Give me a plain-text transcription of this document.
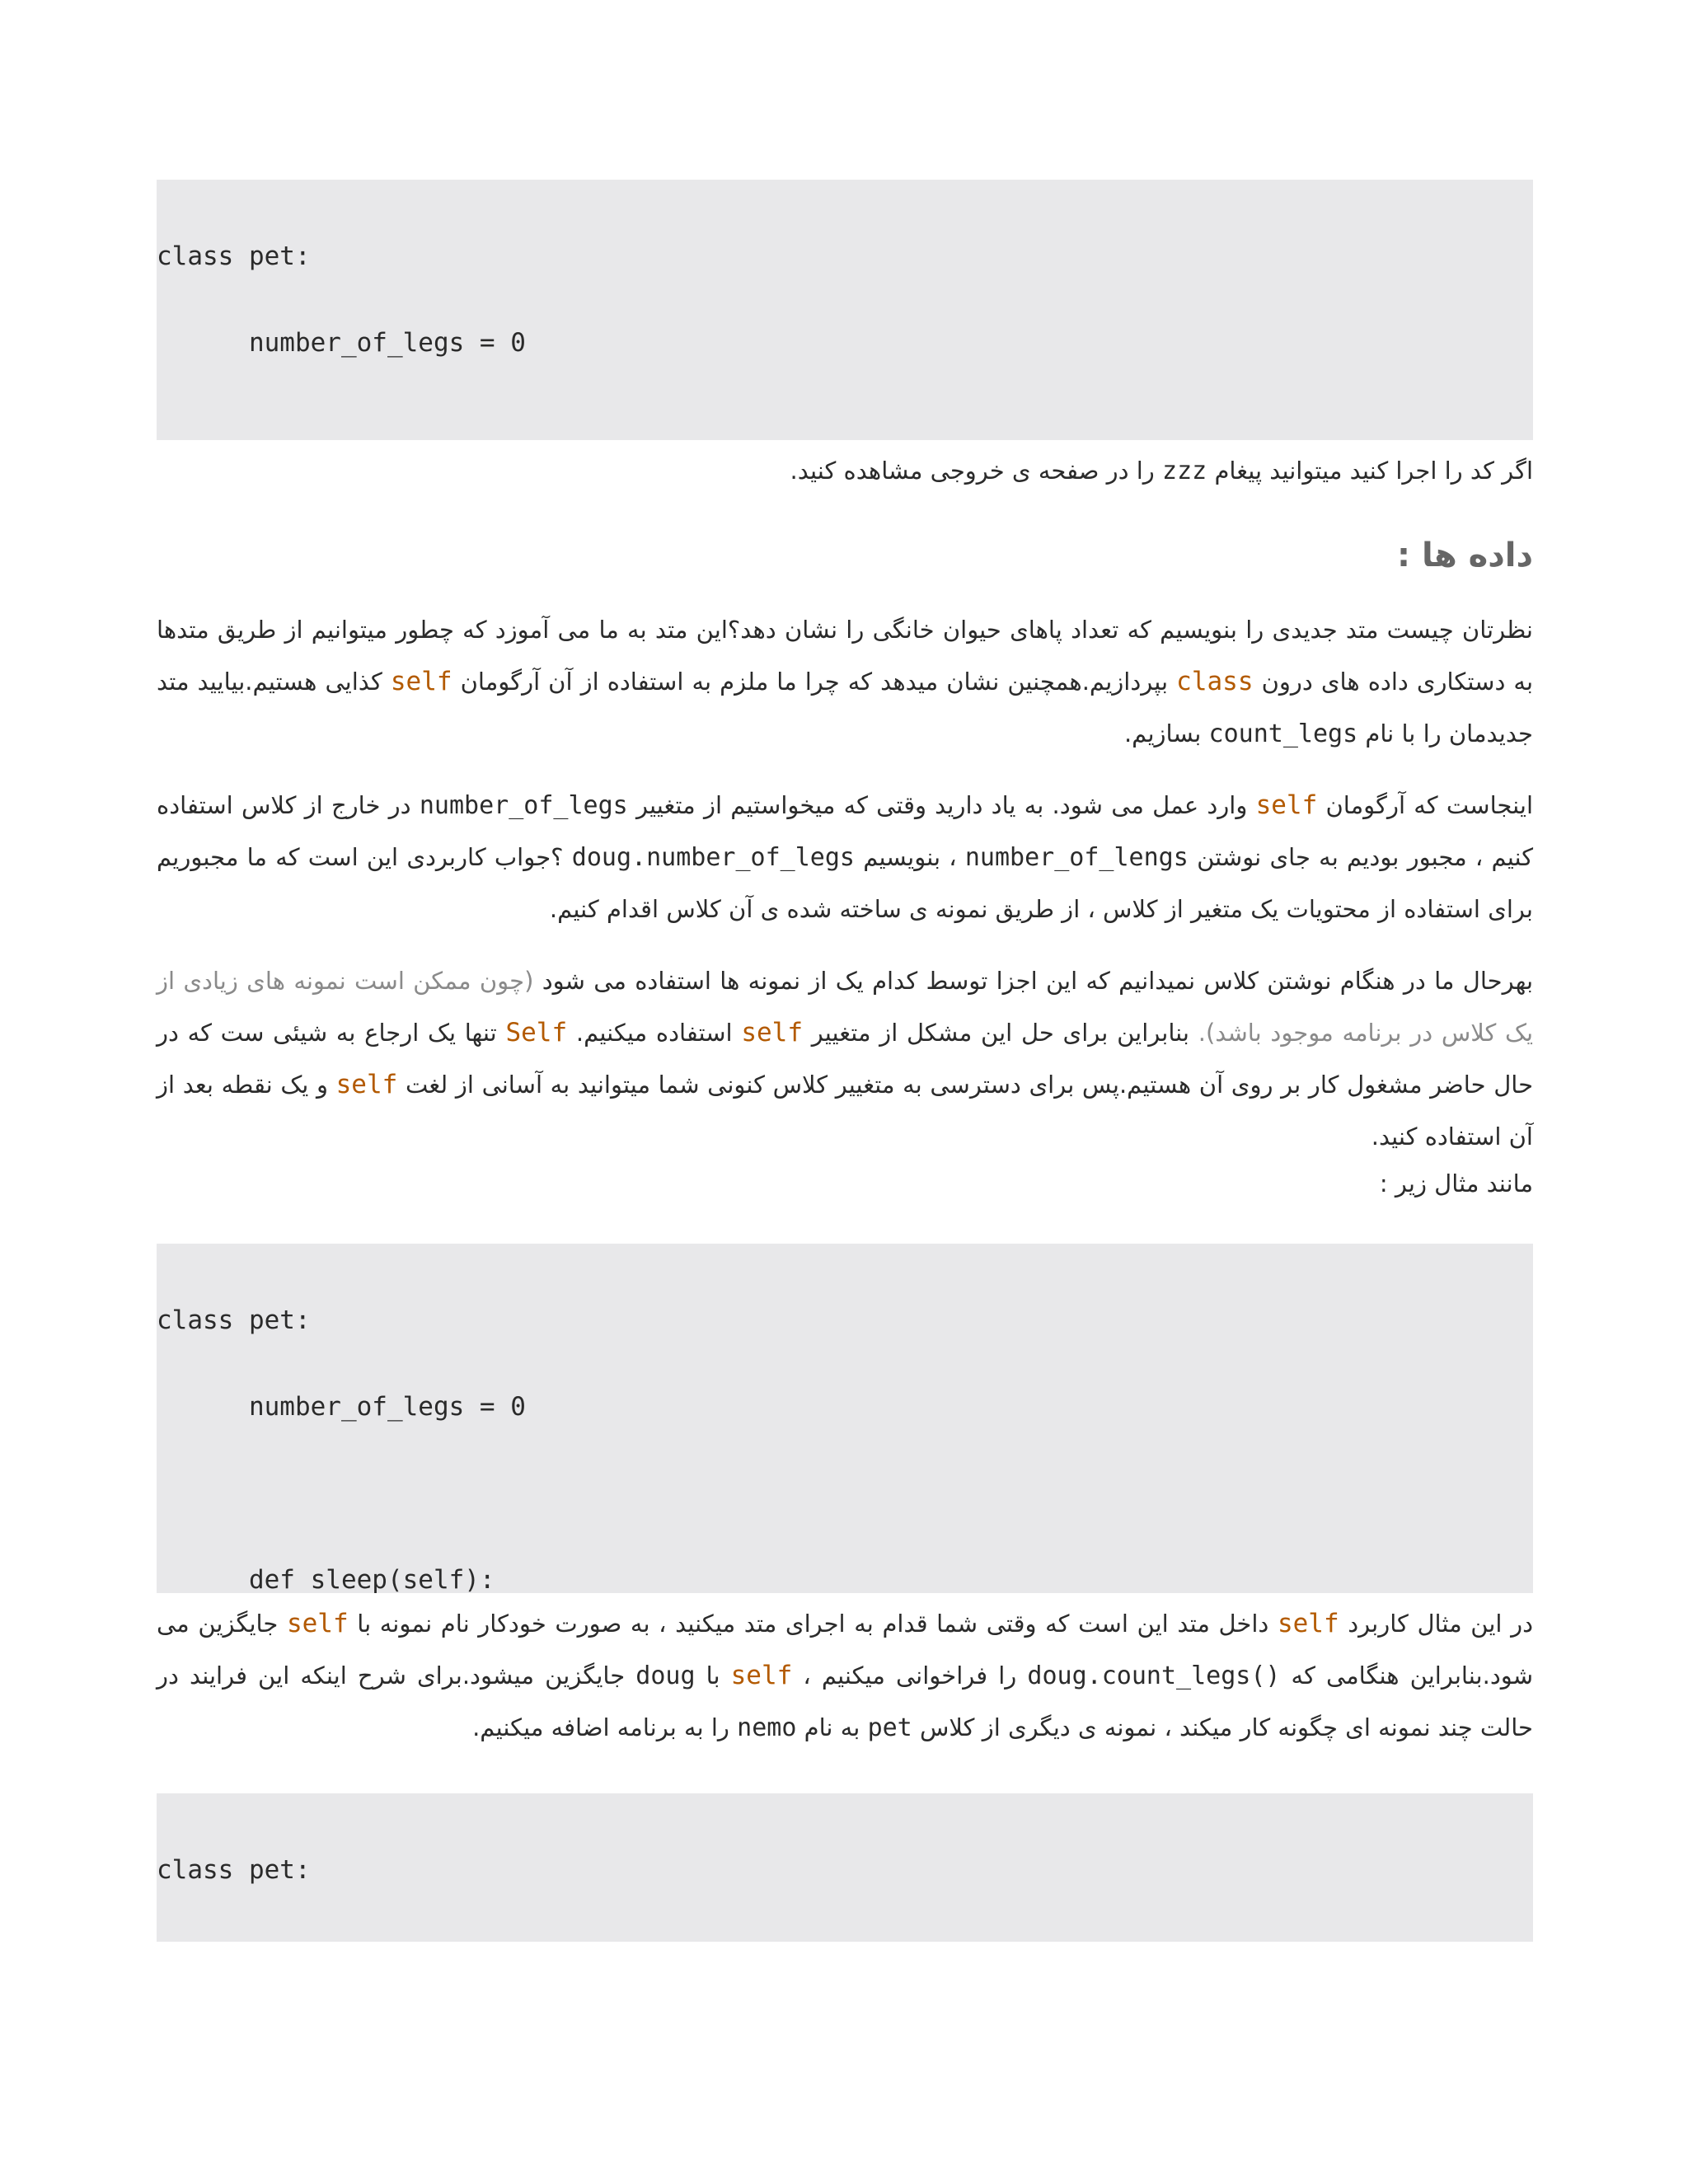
class pet:

number_of_legs = 0

اگر کد را اجرا کنید میتوانید پیغام zzz را در صفحه ی خروجی مشاهده کنید.

داده ها :

نظرتان چیست متد جدیدی را بنویسیم که تعداد پاهای حیوان خانگی را نشان دهد؟این متد به ما می آموزد که چطور میتوانیم از طریق متدها به دستکاری داده های درون class بپردازیم.همچنین نشان میدهد که چرا ما ملزم به استفاده از آن آرگومان self کذایی هستیم.بیایید متد جدیدمان را با نام count_legs بسازیم.

اینجاست که آرگومان self وارد عمل می شود. به یاد دارید وقتی که میخواستیم از متغییر number_of_legs در خارج از کلاس استفاده کنیم ، مجبور بودیم به جای نوشتن number_of_lengs ، بنویسیم doug.number_of_legs ؟جواب کاربردی این است که ما مجبوریم برای استفاده از محتویات یک متغیر از کلاس ، از طریق نمونه ی ساخته شده ی آن کلاس اقدام کنیم.

بهرحال ما در هنگام نوشتن کلاس نمیدانیم که این اجزا توسط کدام یک از نمونه ها استفاده می شود (چون ممکن است نمونه های زیادی از یک کلاس در برنامه موجود باشد). بنابراین برای حل این مشکل از متغییر self استفاده میکنیم. Self تنها یک ارجاع به شیئی ست که در حال حاضر مشغول کار بر روی آن هستیم.پس برای دسترسی به متغییر کلاس کنونی شما میتوانید به آسانی از لغت self و یک نقطه بعد از آن استفاده کنید.

مانند مثال زیر :

class pet:

number_of_legs = 0

def sleep(self):

در این مثال کاربرد self داخل متد این است که وقتی شما قدام به اجرای متد میکنید ، به صورت خودکار نام نمونه با self جایگزین می شود.بنابراین هنگامی که doug.count_legs() را فراخوانی میکنیم ، self با doug جایگزین میشود.برای شرح اینکه این فرایند در حالت چند نمونه ای چگونه کار میکند ، نمونه ی دیگری از کلاس pet به نام nemo را به برنامه اضافه میکنیم.

class pet:
